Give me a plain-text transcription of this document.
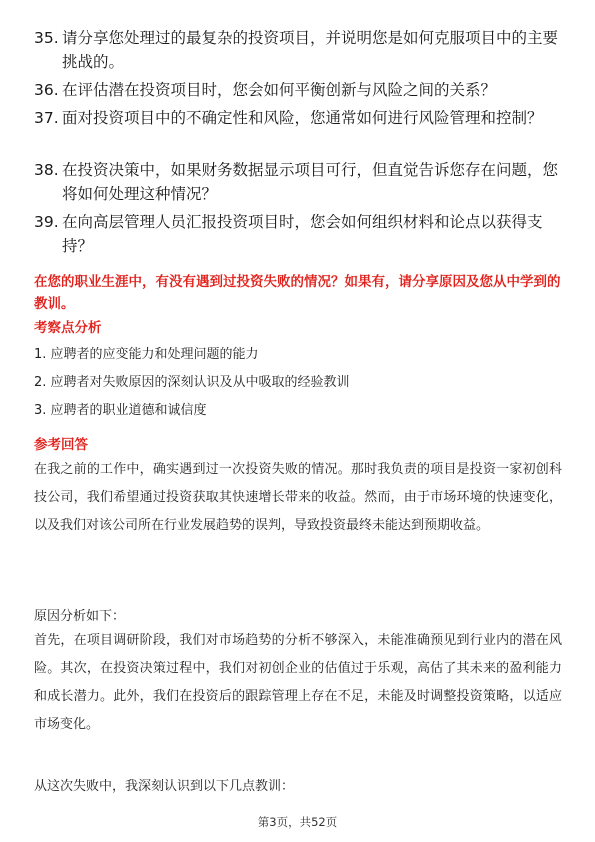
35. 请分享您处理过的最复杂的投资项目，并说明您是如何克服项目中的主要挑战的。
36. 在评估潜在投资项目时，您会如何平衡创新与风险之间的关系？
37. 面对投资项目中的不确定性和风险，您通常如何进行风险管理和控制？
38. 在投资决策中，如果财务数据显示项目可行，但直觉告诉您存在问题，您将如何处理这种情况？
39. 在向高层管理人员汇报投资项目时，您会如何组织材料和论点以获得支持？
在您的职业生涯中，有没有遇到过投资失败的情况？如果有，请分享原因及您从中学到的教训。
考察点分析
1. 应聘者的应变能力和处理问题的能力
2. 应聘者对失败原因的深刻认识及从中吸取的经验教训
3. 应聘者的职业道德和诚信度
参考回答
在我之前的工作中，确实遇到过一次投资失败的情况。那时我负责的项目是投资一家初创科技公司，我们希望通过投资获取其快速增长带来的收益。然而，由于市场环境的快速变化，以及我们对该公司所在行业发展趋势的误判，导致投资最终未能达到预期收益。
原因分析如下：
首先，在项目调研阶段，我们对市场趋势的分析不够深入，未能准确预见到行业内的潜在风险。其次，在投资决策过程中，我们对初创企业的估值过于乐观，高估了其未来的盈利能力和成长潜力。此外，我们在投资后的跟踪管理上存在不足，未能及时调整投资策略，以适应市场变化。
从这次失败中，我深刻认识到以下几点教训：
第3页，共52页
